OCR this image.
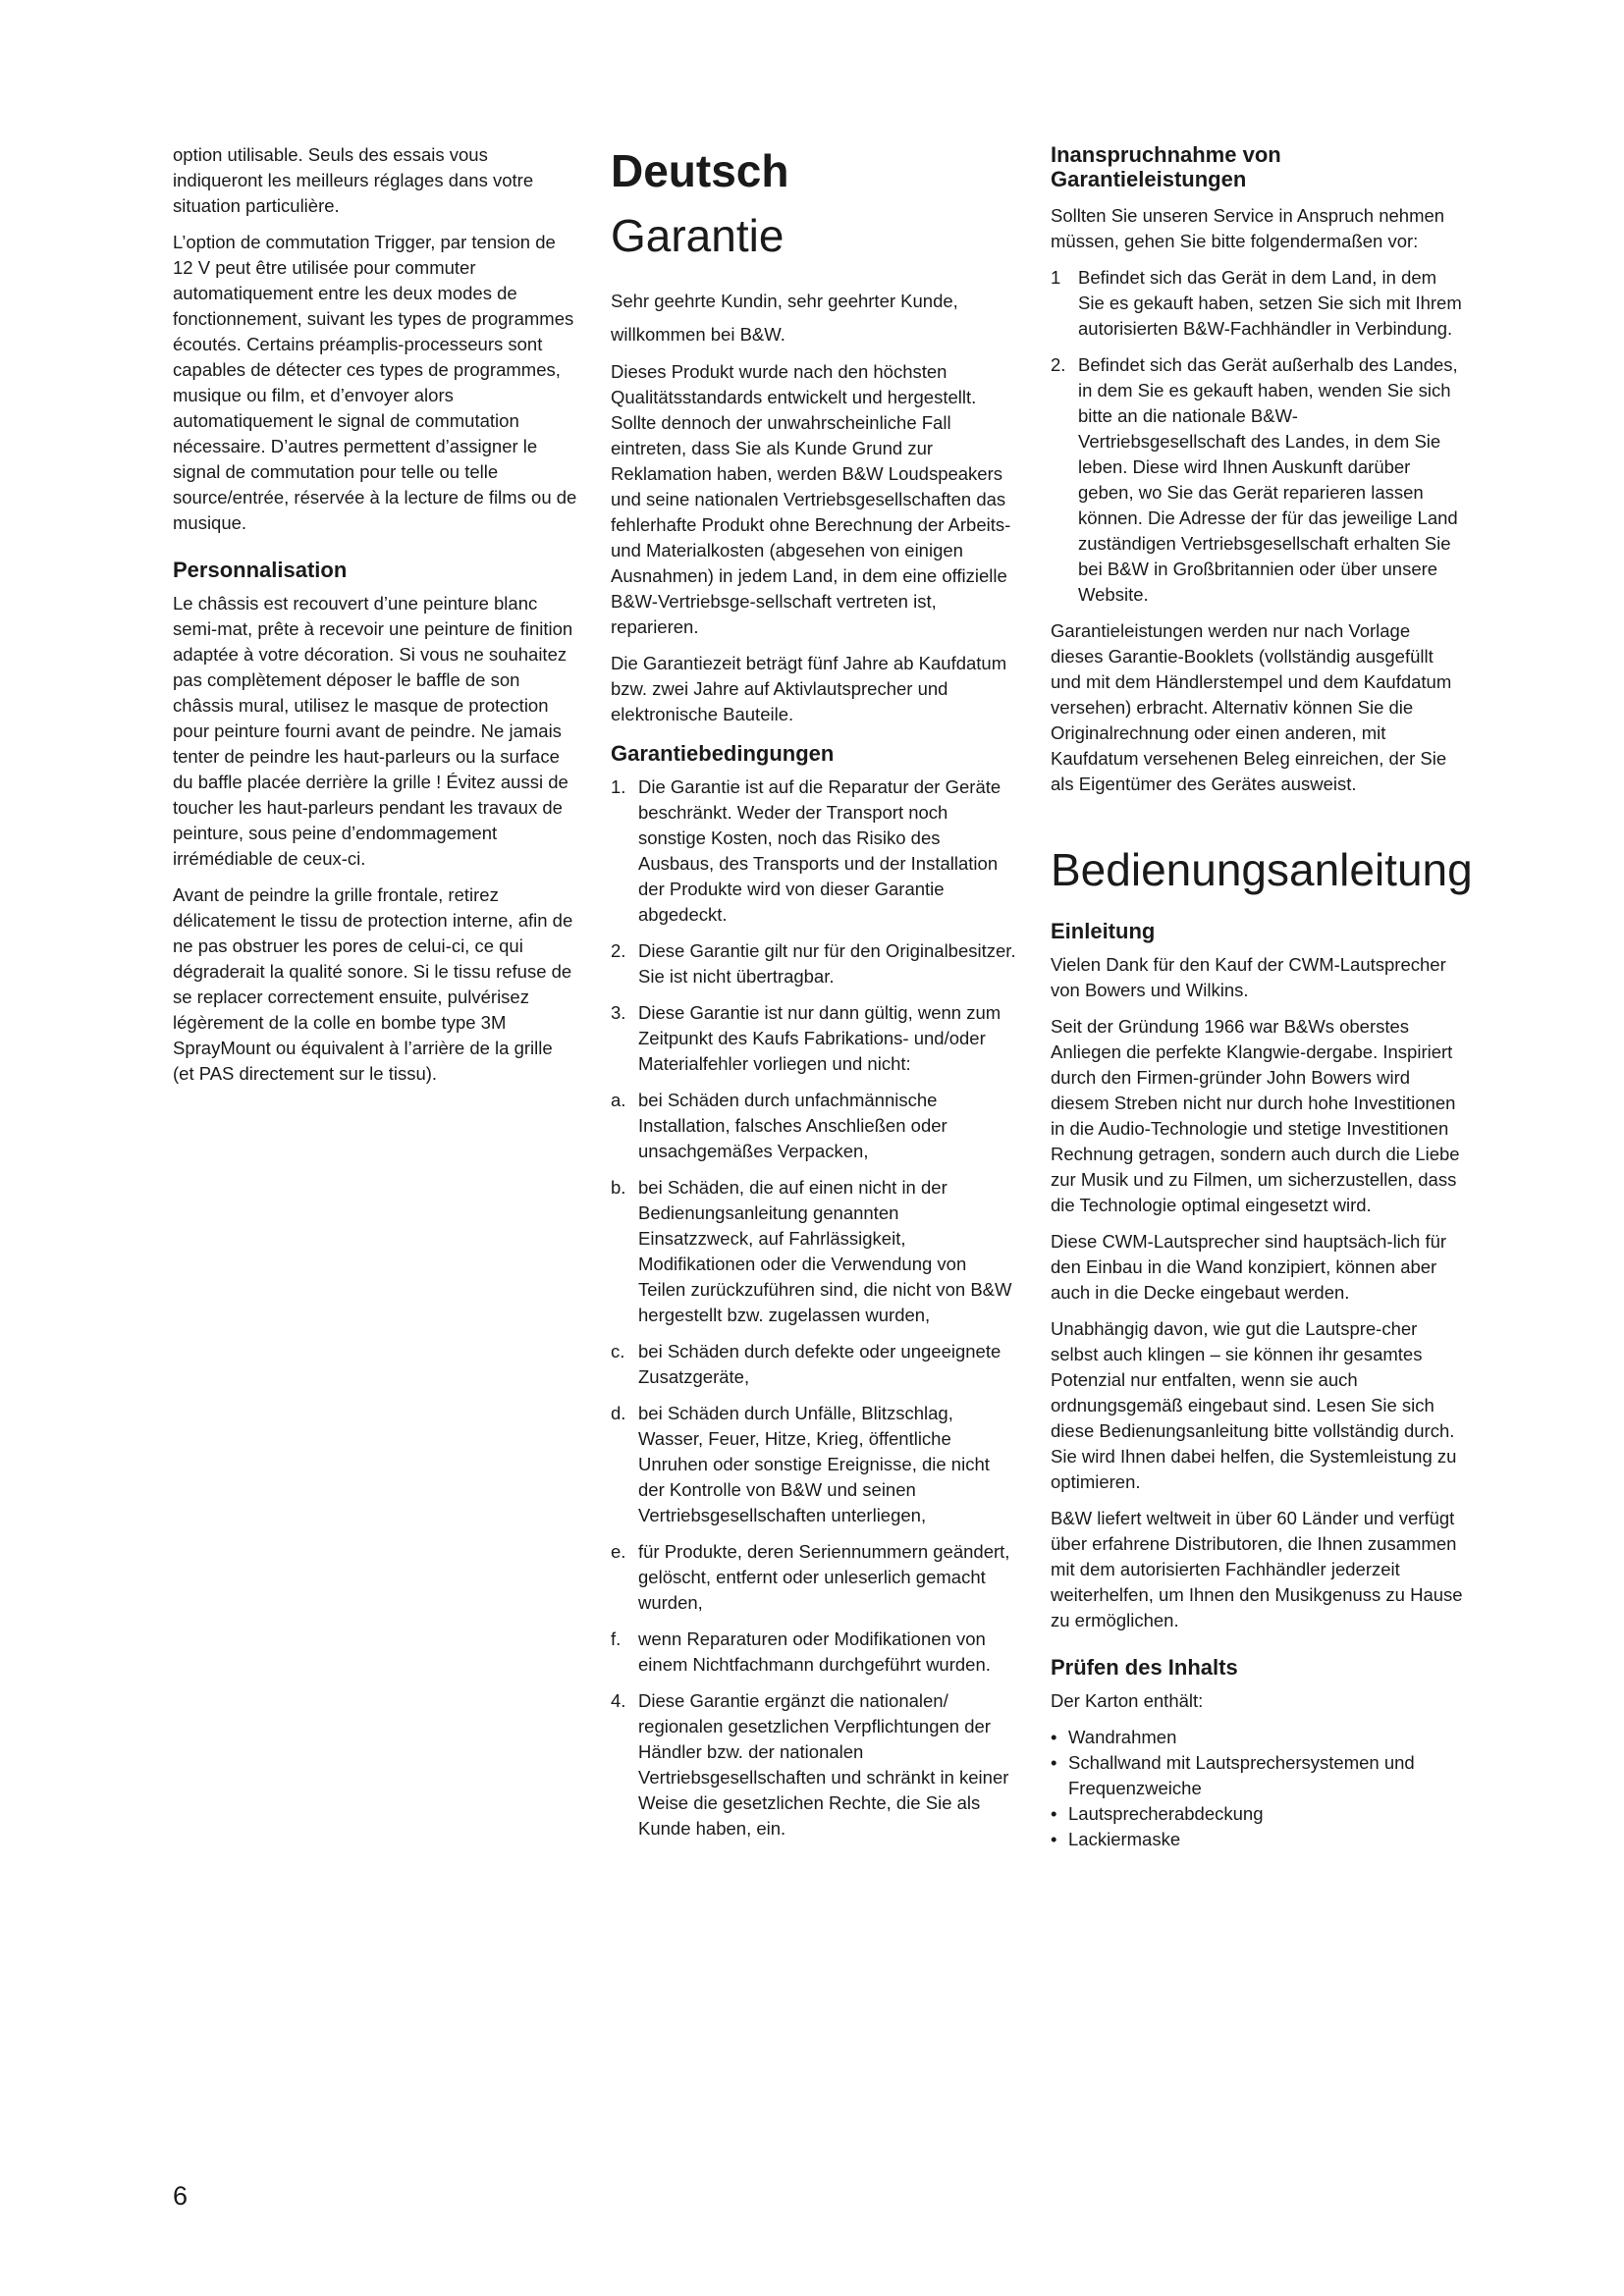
option utilisable. Seuls des essais vous indiqueront les meilleurs réglages dans votre situation particulière.

L’option de commutation Trigger, par tension de 12 V peut être utilisée pour commuter automatiquement entre les deux modes de fonctionnement, suivant les types de programmes écoutés. Certains préamplis-processeurs sont capables de détecter ces types de programmes, musique ou film, et d’envoyer alors automatiquement le signal de commutation nécessaire. D’autres permettent d’assigner le signal de commutation pour telle ou telle source/entrée, réservée à la lecture de films ou de musique.

Personnalisation

Le châssis est recouvert d’une peinture blanc semi-mat, prête à recevoir une peinture de finition adaptée à votre décoration. Si vous ne souhaitez pas complètement déposer le baffle de son châssis mural, utilisez le masque de protection pour peinture fourni avant de peindre. Ne jamais tenter de peindre les haut-parleurs ou la surface du baffle placée derrière la grille ! Évitez aussi de toucher les haut-parleurs pendant les travaux de peinture, sous peine d’endommagement irrémédiable de ceux-ci.

Avant de peindre la grille frontale, retirez délicatement le tissu de protection interne, afin de ne pas obstruer les pores de celui-ci, ce qui dégraderait la qualité sonore. Si le tissu refuse de se replacer correctement ensuite, pulvérisez légèrement de la colle en bombe type 3M SprayMount ou équivalent à l’arrière de la grille (et PAS directement sur le tissu).

Deutsch
Garantie

Sehr geehrte Kundin, sehr geehrter Kunde, willkommen bei B&W.

Dieses Produkt wurde nach den höchsten Qualitätsstandards entwickelt und hergestellt. Sollte dennoch der unwahrscheinliche Fall eintreten, dass Sie als Kunde Grund zur Reklamation haben, werden B&W Loudspeakers und seine nationalen Vertriebsgesellschaften das fehlerhafte Produkt ohne Berechnung der Arbeits- und Materialkosten (abgesehen von einigen Ausnahmen) in jedem Land, in dem eine offizielle B&W-Vertriebsge-sellschaft vertreten ist, reparieren.

Die Garantiezeit beträgt fünf Jahre ab Kaufdatum bzw. zwei Jahre auf Aktivlautsprecher und elektronische Bauteile.

Garantiebedingungen
1. Die Garantie ist auf die Reparatur der Geräte beschränkt. Weder der Transport noch sonstige Kosten, noch das Risiko des Ausbaus, des Transports und der Installation der Produkte wird von dieser Garantie abgedeckt.
2. Diese Garantie gilt nur für den Originalbesitzer. Sie ist nicht übertragbar.
3. Diese Garantie ist nur dann gültig, wenn zum Zeitpunkt des Kaufs Fabrikations- und/oder Materialfehler vorliegen und nicht:
a. bei Schäden durch unfachmännische Installation, falsches Anschließen oder unsachgemäßes Verpacken,
b. bei Schäden, die auf einen nicht in der Bedienungsanleitung genannten Einsatzzweck, auf Fahrlässigkeit, Modifikationen oder die Verwendung von Teilen zurückzuführen sind, die nicht von B&W hergestellt bzw. zugelassen wurden,
c. bei Schäden durch defekte oder ungeeignete Zusatzgeräte,
d. bei Schäden durch Unfälle, Blitzschlag, Wasser, Feuer, Hitze, Krieg, öffentliche Unruhen oder sonstige Ereignisse, die nicht der Kontrolle von B&W und seinen Vertriebsgesellschaften unterliegen,
e. für Produkte, deren Seriennummern geändert, gelöscht, entfernt oder unleserlich gemacht wurden,
f. wenn Reparaturen oder Modifikationen von einem Nichtfachmann durchgeführt wurden.
4. Diese Garantie ergänzt die nationalen/ regionalen gesetzlichen Verpflichtungen der Händler bzw. der nationalen Vertriebsgesellschaften und schränkt in keiner Weise die gesetzlichen Rechte, die Sie als Kunde haben, ein.
Inanspruchnahme von Garantieleistungen

Sollten Sie unseren Service in Anspruch nehmen müssen, gehen Sie bitte folgendermaßen vor:

1 Befindet sich das Gerät in dem Land, in dem Sie es gekauft haben, setzen Sie sich mit Ihrem autorisierten B&W-Fachhändler in Verbindung.
2. Befindet sich das Gerät außerhalb des Landes, in dem Sie es gekauft haben, wenden Sie sich bitte an die nationale B&W-Vertriebsgesellschaft des Landes, in dem Sie leben. Diese wird Ihnen Auskunft darüber geben, wo Sie das Gerät reparieren lassen können. Die Adresse der für das jeweilige Land zuständigen Vertriebsgesellschaft erhalten Sie bei B&W in Großbritannien oder über unsere Website.

Garantieleistungen werden nur nach Vorlage dieses Garantie-Booklets (vollständig ausgefüllt und mit dem Händlerstempel und dem Kaufdatum versehen) erbracht. Alternativ können Sie die Originalrechnung oder einen anderen, mit Kaufdatum versehenen Beleg einreichen, der Sie als Eigentümer des Gerätes ausweist.

Bedienungsanleitung
Einleitung

Vielen Dank für den Kauf der CWM-Lautsprecher von Bowers und Wilkins.

Seit der Gründung 1966 war B&Ws oberstes Anliegen die perfekte Klangwie-dergabe. Inspiriert durch den Firmen-gründer John Bowers wird diesem Streben nicht nur durch hohe Investitionen in die Audio-Technologie und stetige Investitionen Rechnung getragen, sondern auch durch die Liebe zur Musik und zu Filmen, um sicherzustellen, dass die Technologie optimal eingesetzt wird.

Diese CWM-Lautsprecher sind hauptsäch-lich für den Einbau in die Wand konzipiert, können aber auch in die Decke eingebaut werden.

Unabhängig davon, wie gut die Lautspre-cher selbst auch klingen – sie können ihr gesamtes Potenzial nur entfalten, wenn sie auch ordnungsgemäß eingebaut sind. Lesen Sie sich diese Bedienungsanleitung bitte vollständig durch. Sie wird Ihnen dabei helfen, die Systemleistung zu optimieren.

B&W liefert weltweit in über 60 Länder und verfügt über erfahrene Distributoren, die Ihnen zusammen mit dem autorisierten Fachhändler jederzeit weiterhelfen, um Ihnen den Musikgenuss zu Hause zu ermöglichen.

Prüfen des Inhalts

Der Karton enthält:

• Wandrahmen
• Schallwand mit Lautsprechersystemen und Frequenzweiche
• Lautsprecherabdeckung
• Lackiermaske
6
